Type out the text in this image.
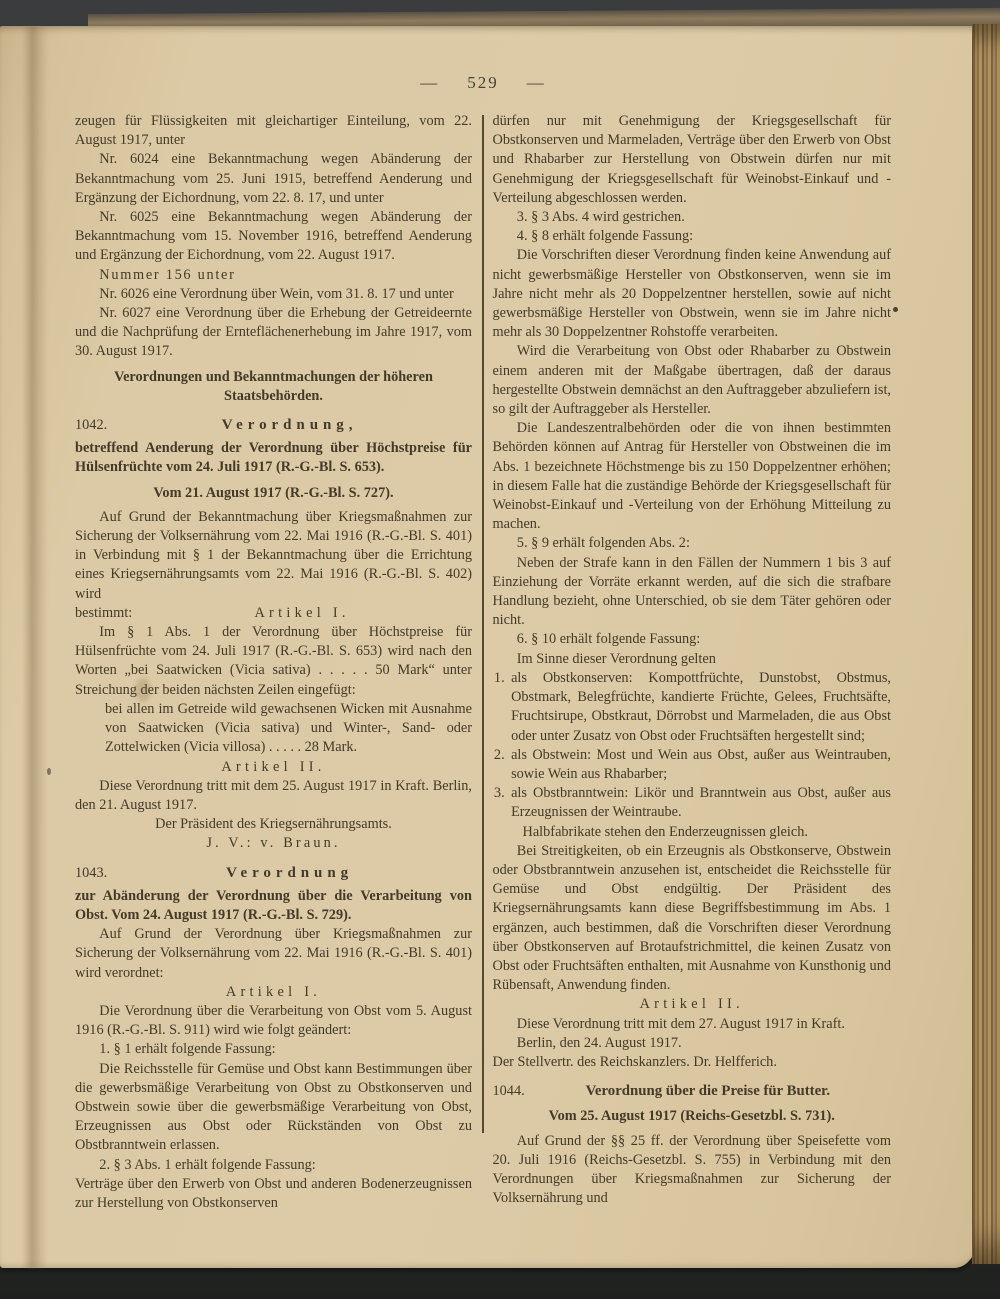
— 529 —
zeugen für Flüssigkeiten mit gleichartiger Einteilung, vom 22. August 1917, unter
Nr. 6024 eine Bekanntmachung wegen Abänderung der Bekanntmachung vom 25. Juni 1915, betreffend Aenderung und Ergänzung der Eichordnung, vom 22. 8. 17, und unter
Nr. 6025 eine Bekanntmachung wegen Abänderung der Bekanntmachung vom 15. November 1916, betreffend Aenderung und Ergänzung der Eichordnung, vom 22. August 1917.
Nummer 156 unter
Nr. 6026 eine Verordnung über Wein, vom 31. 8. 17 und unter
Nr. 6027 eine Verordnung über die Erhebung der Getreideernte und die Nachprüfung der Ernteflächenerhebung im Jahre 1917, vom 30. August 1917.
Verordnungen und Bekanntmachungen der höheren Staatsbehörden.
1042.	Verordnung,
betreffend Aenderung der Verordnung über Höchstpreise für Hülsenfrüchte vom 24. Juli 1917 (R.-G.-Bl. S. 653).
Vom 21. August 1917 (R.-G.-Bl. S. 727).
Auf Grund der Bekanntmachung über Kriegsmaßnahmen zur Sicherung der Volksernährung vom 22. Mai 1916 (R.-G.-Bl. S. 401) in Verbindung mit § 1 der Bekanntmachung über die Errichtung eines Kriegsernährungsamts vom 22. Mai 1916 (R.-G.-Bl. S. 402) wird
bestimmt:	Artikel I.
Im § 1 Abs. 1 der Verordnung über Höchstpreise für Hülsenfrüchte vom 24. Juli 1917 (R.-G.-Bl. S. 653) wird nach den Worten „bei Saatwicken (Vicia sativa) . . . . . 50 Mark“ unter Streichung der beiden nächsten Zeilen eingefügt:
bei allen im Getreide wild gewachsenen Wicken mit Ausnahme von Saatwicken (Vicia sativa) und Winter-, Sand- oder Zottelwicken (Vicia villosa) . . . . . 28 Mark.
Artikel II.
Diese Verordnung tritt mit dem 25. August 1917 in Kraft. Berlin, den 21. August 1917.
Der Präsident des Kriegsernährungsamts.
J. V.: v. Braun.
1043.	Verordnung
zur Abänderung der Verordnung über die Verarbeitung von Obst. Vom 24. August 1917 (R.-G.-Bl. S. 729).
Auf Grund der Verordnung über Kriegsmaßnahmen zur Sicherung der Volksernährung vom 22. Mai 1916 (R.-G.-Bl. S. 401) wird verordnet:
Artikel I.
Die Verordnung über die Verarbeitung von Obst vom 5. August 1916 (R.-G.-Bl. S. 911) wird wie folgt geändert:
1. § 1 erhält folgende Fassung:
Die Reichsstelle für Gemüse und Obst kann Bestimmungen über die gewerbsmäßige Verarbeitung von Obst zu Obstkonserven und Obstwein sowie über die gewerbsmäßige Verarbeitung von Obst, Erzeugnissen aus Obst oder Rückständen von Obst zu Obstbranntwein erlassen.
2. § 3 Abs. 1 erhält folgende Fassung:
Verträge über den Erwerb von Obst und anderen Bodenerzeugnissen zur Herstellung von Obstkonserven
dürfen nur mit Genehmigung der Kriegsgesellschaft für Obstkonserven und Marmeladen, Verträge über den Erwerb von Obst und Rhabarber zur Herstellung von Obstwein dürfen nur mit Genehmigung der Kriegsgesellschaft für Weinobst-Einkauf und -Verteilung abgeschlossen werden.
3. § 3 Abs. 4 wird gestrichen.
4. § 8 erhält folgende Fassung:
Die Vorschriften dieser Verordnung finden keine Anwendung auf nicht gewerbsmäßige Hersteller von Obstkonserven, wenn sie im Jahre nicht mehr als 20 Doppelzentner herstellen, sowie auf nicht gewerbsmäßige Hersteller von Obstwein, wenn sie im Jahre nicht mehr als 30 Doppelzentner Rohstoffe verarbeiten.
Wird die Verarbeitung von Obst oder Rhabarber zu Obstwein einem anderen mit der Maßgabe übertragen, daß der daraus hergestellte Obstwein demnächst an den Auftraggeber abzuliefern ist, so gilt der Auftraggeber als Hersteller.
Die Landeszentralbehörden oder die von ihnen bestimmten Behörden können auf Antrag für Hersteller von Obstweinen die im Abs. 1 bezeichnete Höchstmenge bis zu 150 Doppelzentner erhöhen; in diesem Falle hat die zuständige Behörde der Kriegsgesellschaft für Weinobst-Einkauf und -Verteilung von der Erhöhung Mitteilung zu machen.
5. § 9 erhält folgenden Abs. 2:
Neben der Strafe kann in den Fällen der Nummern 1 bis 3 auf Einziehung der Vorräte erkannt werden, auf die sich die strafbare Handlung bezieht, ohne Unterschied, ob sie dem Täter gehören oder nicht.
6. § 10 erhält folgende Fassung:
Im Sinne dieser Verordnung gelten
1. als Obstkonserven: Kompottfrüchte, Dunstobst, Obstmus, Obstmark, Belegfrüchte, kandierte Früchte, Gelees, Fruchtsäfte, Fruchtsirupe, Obstkraut, Dörrobst und Marmeladen, die aus Obst oder unter Zusatz von Obst oder Fruchtsäften hergestellt sind;
2. als Obstwein: Most und Wein aus Obst, außer aus Weintrauben, sowie Wein aus Rhabarber;
3. als Obstbranntwein: Likör und Branntwein aus Obst, außer aus Erzeugnissen der Weintraube.
Halbfabrikate stehen den Enderzeugnissen gleich.
Bei Streitigkeiten, ob ein Erzeugnis als Obstkonserve, Obstwein oder Obstbranntwein anzusehen ist, entscheidet die Reichsstelle für Gemüse und Obst endgültig. Der Präsident des Kriegsernährungsamts kann diese Begriffsbestimmung im Abs. 1 ergänzen, auch bestimmen, daß die Vorschriften dieser Verordnung über Obstkonserven auf Brotaufstrichmittel, die keinen Zusatz von Obst oder Fruchtsäften enthalten, mit Ausnahme von Kunsthonig und Rübensaft, Anwendung finden.
Artikel II.
Diese Verordnung tritt mit dem 27. August 1917 in Kraft.
Berlin, den 24. August 1917.
Der Stellvertr. des Reichskanzlers. Dr. Helfferich.
1044.	Verordnung über die Preise für Butter.
Vom 25. August 1917 (Reichs-Gesetzbl. S. 731).
Auf Grund der §§ 25 ff. der Verordnung über Speisefette vom 20. Juli 1916 (Reichs-Gesetzbl. S. 755) in Verbindung mit den Verordnungen über Kriegsmaßnahmen zur Sicherung der Volksernährung und
